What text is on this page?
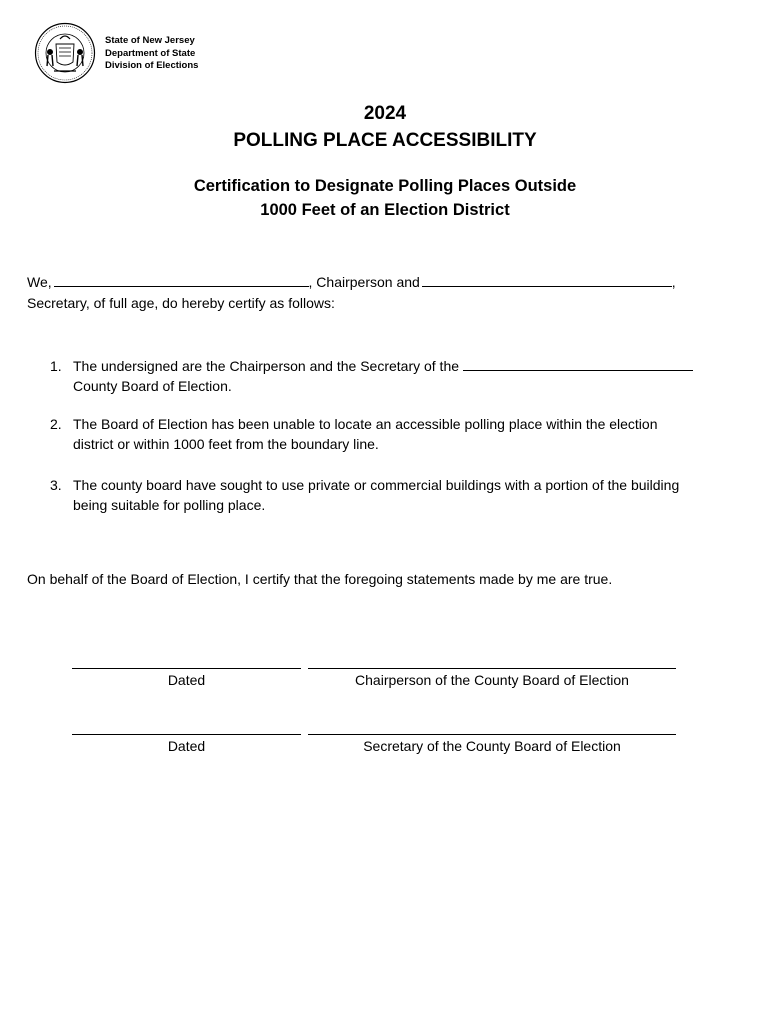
State of New Jersey
Department of State
Division of Elections
2024
POLLING PLACE ACCESSIBILITY
Certification to Designate Polling Places Outside
1000 Feet of an Election District
We,	, Chairperson and	,
Secretary, of full age, do hereby certify as follows:
1. The undersigned are the Chairperson and the Secretary of the
County Board of Election.
2. The Board of Election has been unable to locate an accessible polling place within the election
district or within 1000 feet from the boundary line.
3. The county board have sought to use private or commercial buildings with a portion of the building
being suitable for polling place.
On behalf of the Board of Election, I certify that the foregoing statements made by me are true.
Dated	Chairperson of the County Board of Election
Dated	Secretary of the County Board of Election
